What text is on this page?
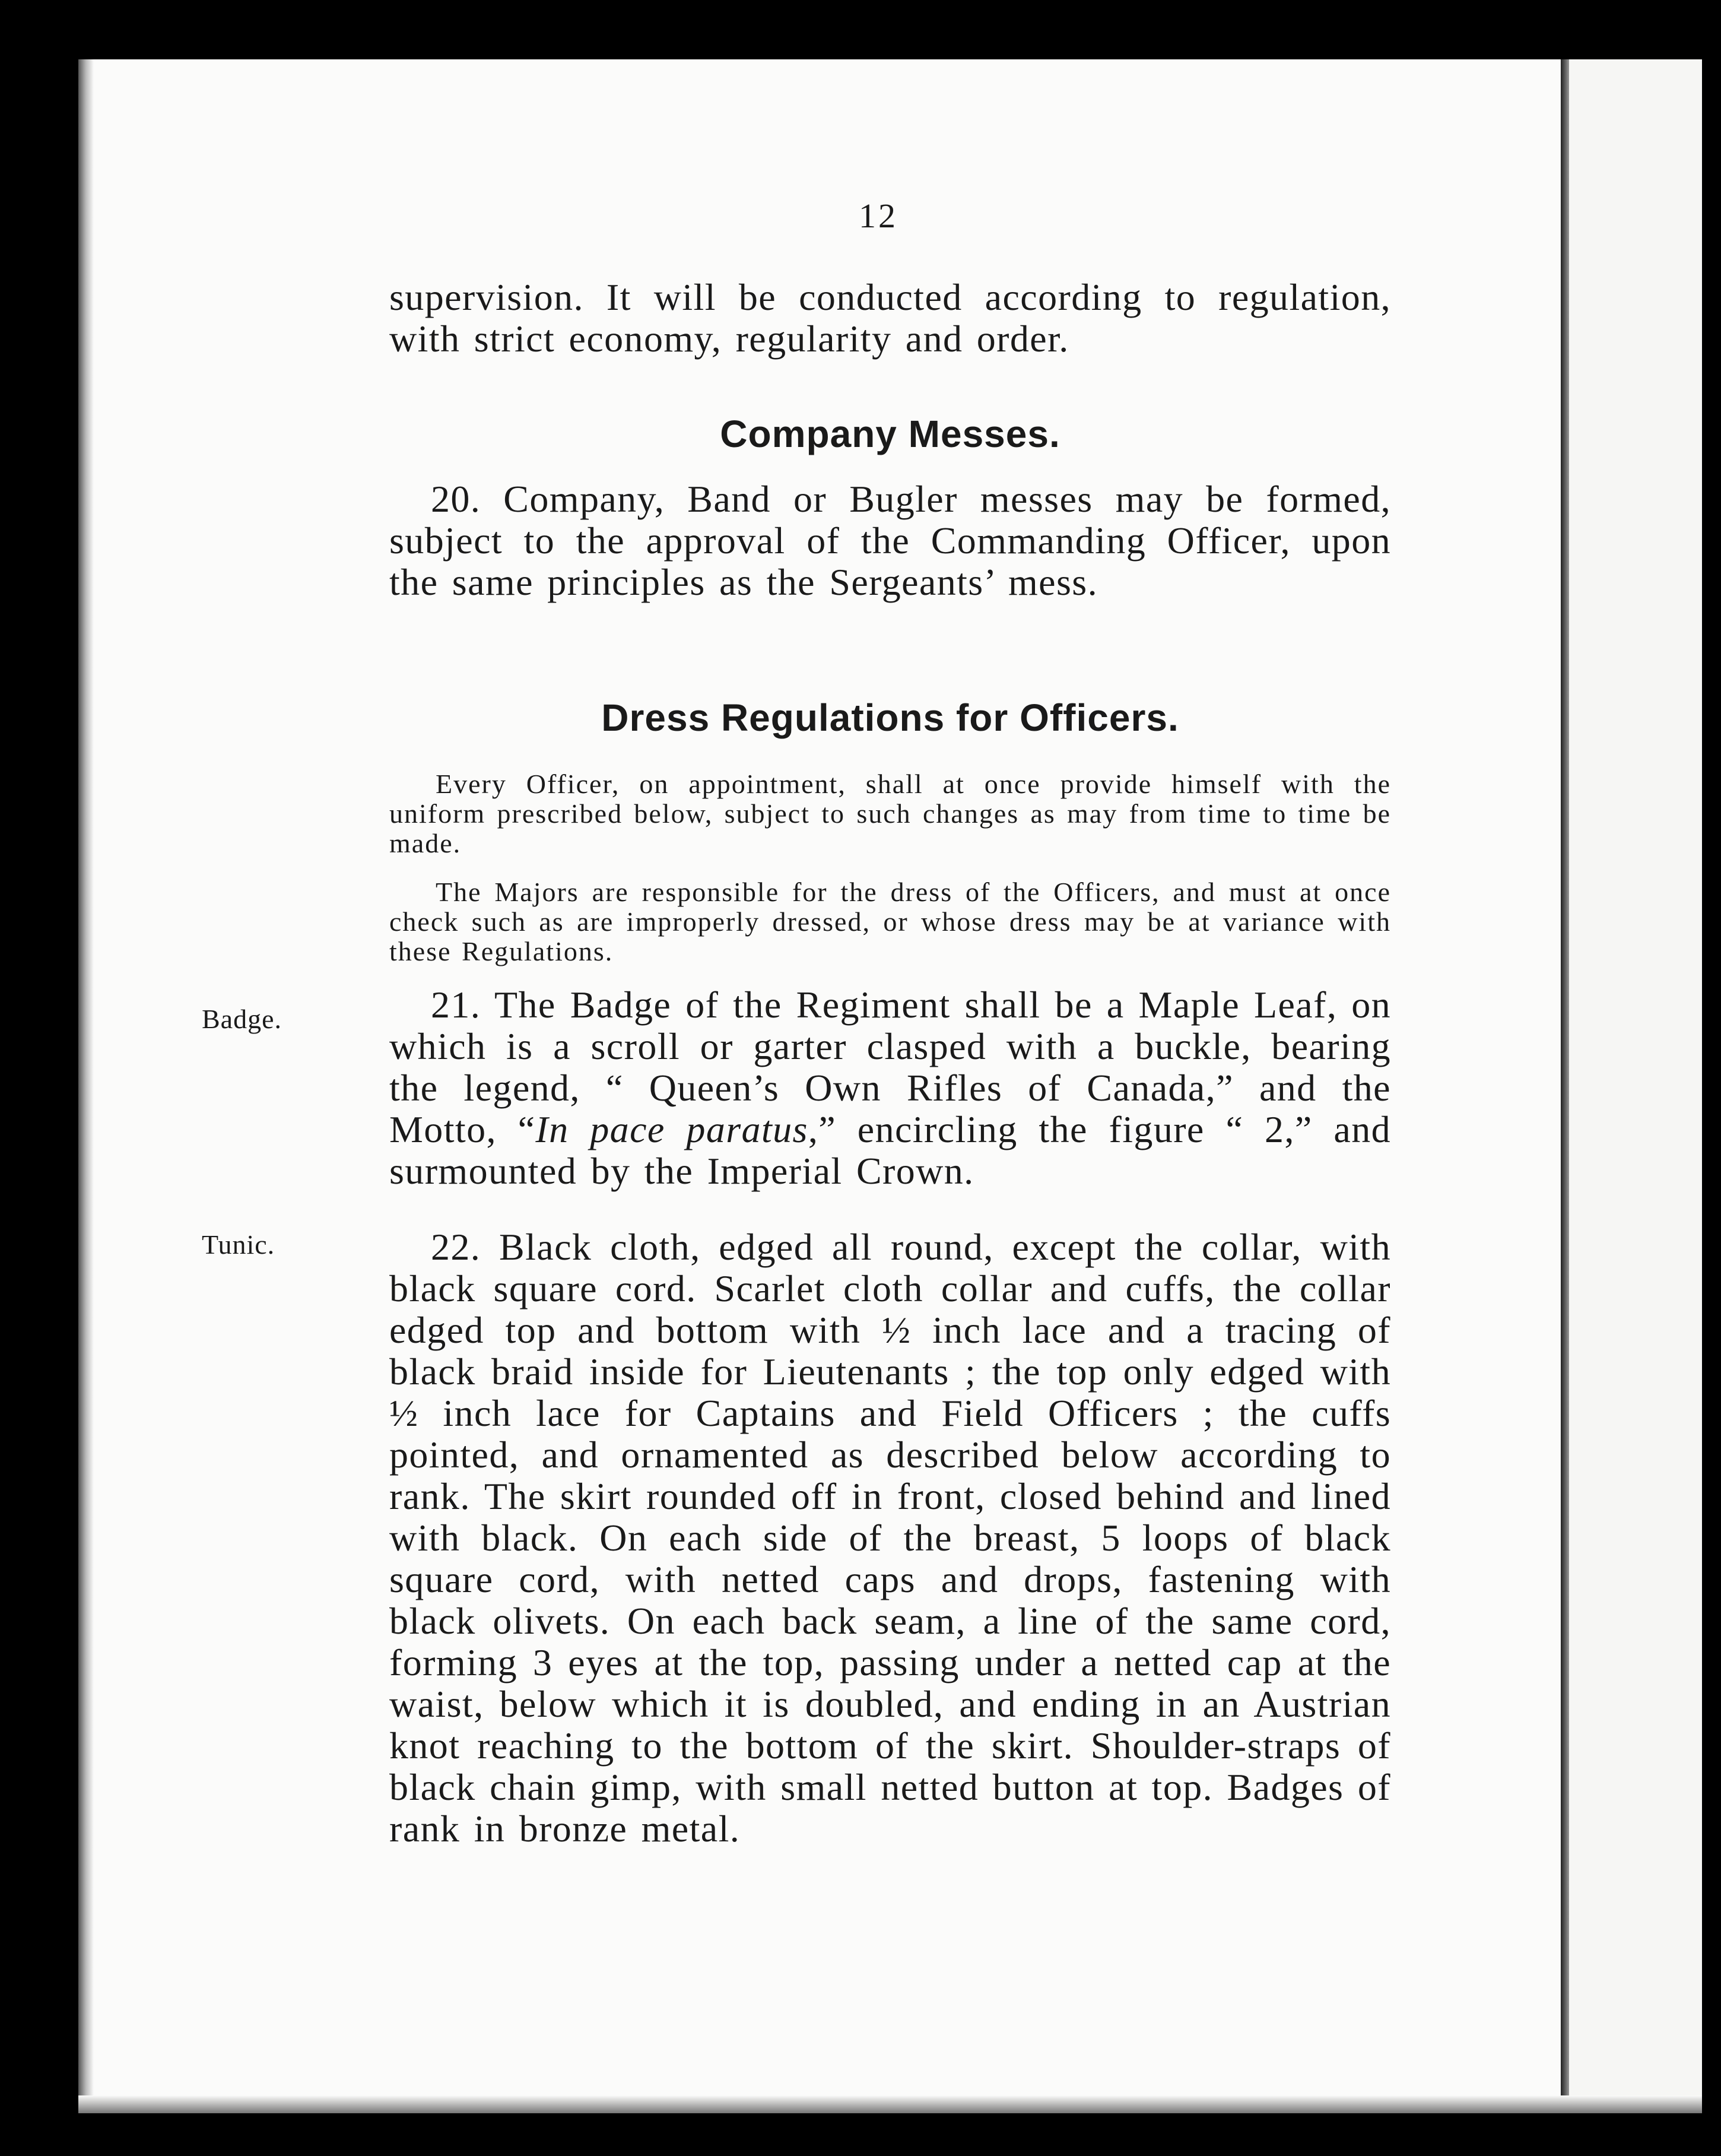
12

supervision. It will be conducted according to regulation, with strict economy, regularity and order.

Company Messes.

20. Company, Band or Bugler messes may be formed, subject to the approval of the Commanding Officer, upon the same principles as the Sergeants’ mess.

Dress Regulations for Officers.

Every Officer, on appointment, shall at once provide himself with the uniform prescribed below, subject to such changes as may from time to time be made.

The Majors are responsible for the dress of the Officers, and must at once check such as are improperly dressed, or whose dress may be at variance with these Regulations.

Badge.	21. The Badge of the Regiment shall be a Maple Leaf, on which is a scroll or garter clasped with a buckle, bearing the legend, “ Queen’s Own Rifles of Canada,” and the Motto, “In pace paratus,” encircling the figure “ 2,” and surmounted by the Imperial Crown.

Tunic.	22. Black cloth, edged all round, except the collar, with black square cord. Scarlet cloth collar and cuffs, the collar edged top and bottom with ½ inch lace and a tracing of black braid inside for Lieutenants ; the top only edged with ½ inch lace for Captains and Field Officers ; the cuffs pointed, and ornamented as described below according to rank. The skirt rounded off in front, closed behind and lined with black. On each side of the breast, 5 loops of black square cord, with netted caps and drops, fastening with black olivets. On each back seam, a line of the same cord, forming 3 eyes at the top, passing under a netted cap at the waist, below which it is doubled, and ending in an Austrian knot reaching to the bottom of the skirt. Shoulder-straps of black chain gimp, with small netted button at top. Badges of rank in bronze metal.
